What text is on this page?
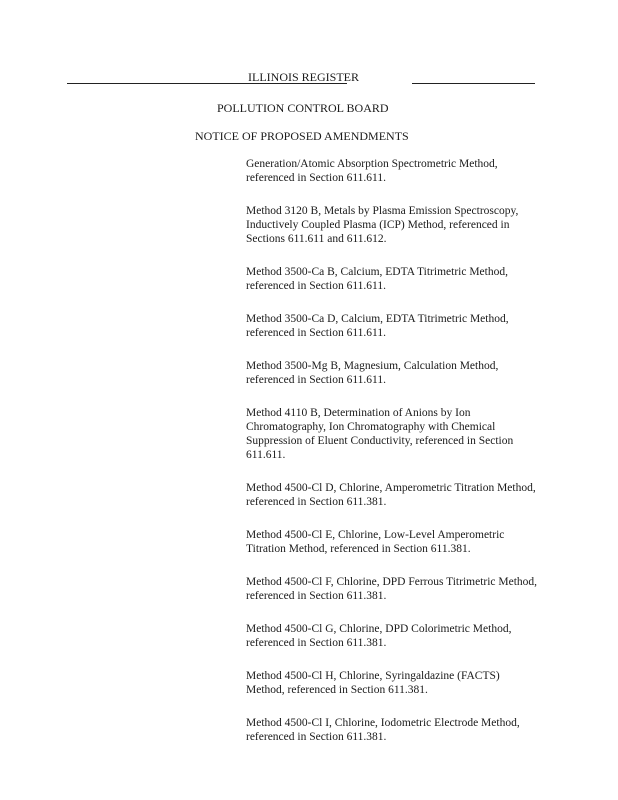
ILLINOIS REGISTER
POLLUTION CONTROL BOARD
NOTICE OF PROPOSED AMENDMENTS
Generation/Atomic Absorption Spectrometric Method, referenced in Section 611.611.
Method 3120 B, Metals by Plasma Emission Spectroscopy, Inductively Coupled Plasma (ICP) Method, referenced in Sections 611.611 and 611.612.
Method 3500-Ca B, Calcium, EDTA Titrimetric Method, referenced in Section 611.611.
Method 3500-Ca D, Calcium, EDTA Titrimetric Method, referenced in Section 611.611.
Method 3500-Mg B, Magnesium, Calculation Method, referenced in Section 611.611.
Method 4110 B, Determination of Anions by Ion Chromatography, Ion Chromatography with Chemical Suppression of Eluent Conductivity, referenced in Section 611.611.
Method 4500-Cl D, Chlorine, Amperometric Titration Method, referenced in Section 611.381.
Method 4500-Cl E, Chlorine, Low-Level Amperometric Titration Method, referenced in Section 611.381.
Method 4500-Cl F, Chlorine, DPD Ferrous Titrimetric Method, referenced in Section 611.381.
Method 4500-Cl G, Chlorine, DPD Colorimetric Method, referenced in Section 611.381.
Method 4500-Cl H, Chlorine, Syringaldazine (FACTS) Method, referenced in Section 611.381.
Method 4500-Cl I, Chlorine, Iodometric Electrode Method, referenced in Section 611.381.
